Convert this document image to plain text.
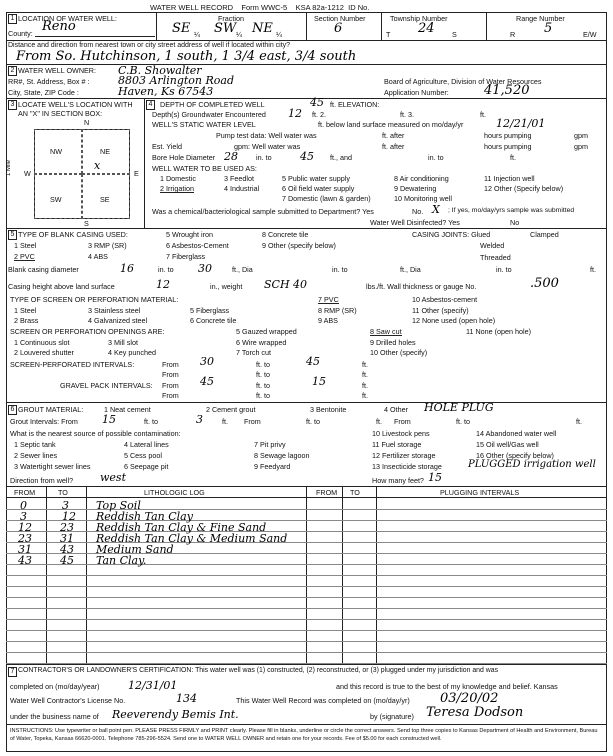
WATER WELL RECORD Form WWC-5 KSA 82a-1212 ID No.
1 LOCATION OF WATER WELL:
County: Reno
Fraction
SE ¼ SW ¼ NE ¼
Section Number
6
Township Number
T 24 S
Range Number
R 5	E/W
Distance and direction from nearest town or city street address of well if located within city?
From So. Hutchinson, 1 south, 1 3/4 east, 3/4 south
2 WATER WELL OWNER: C.B. Showalter
RR#, St. Address, Box # :	8803 Arlington Road
City, State, ZIP Code :	Haven, Ks 67543
Board of Agriculture, Division of Water Resources
Application Number:	41,520
3 LOCATE WELL'S LOCATION WITH
AN "X" IN SECTION BOX:
N
S
W	E
1 Mile
NW	NE
SW	SE
x
4	DEPTH OF COMPLETED WELL	45 ft. ELEVATION:
Depth(s) Groundwater Encountered 12 ft. 2.	ft. 3.	ft.
WELL'S STATIC WATER LEVEL	ft. below land surface measured on mo/day/yr	12/21/01
Pump test data: Well water was	ft. after	hours pumping	gpm
Est. Yield	gpm: Well water was	ft. after	hours pumping	gpm
Bore Hole Diameter 28	in. to	45 ft., and	in. to	ft.
WELL WATER TO BE USED AS:
1 Domestic
2 Irrigation
3 Feedlot
4 Industrial
5 Public water supply
6 Oil field water supply
7 Domestic (lawn & garden)
8 Air conditioning
9 Dewatering
10 Monitoring well
11 Injection well
12 Other (Specify below)
Was a chemical/bacteriological sample submitted to Department? Yes	No. X ; If yes, mo/day/yrs sample was submitted
Water Well Disinfected? Yes	No
5 TYPE OF BLANK CASING USED:
1 Steel
2 PVC
3 RMP (SR)
4 ABS
5 Wrought iron
6 Asbestos-Cement
7 Fiberglass
8 Concrete tile
9 Other (specify below)
CASING JOINTS: Glued	Clamped
Welded
Threaded
Blank casing diameter	16	in. to 30	ft., Dia	in. to	ft., Dia	in. to	ft.
Casing height above land surface	12	in., weight SCH 40	lbs./ft. Wall thickness or gauge No.	.500
TYPE OF SCREEN OR PERFORATION MATERIAL:
1 Steel
2 Brass
3 Stainless steel
4 Galvanized steel
5 Fiberglass
6 Concrete tile
7 PVC
8 RMP (SR)
9 ABS
10 Asbestos-cement
11 Other (specify)
12 None used (open hole)
SCREEN OR PERFORATION OPENINGS ARE:
1 Continuous slot
2 Louvered shutter
3 Mill slot
4 Key punched
5 Gauzed wrapped
6 Wire wrapped
7 Torch cut
8 Saw cut
9 Drilled holes
10 Other (specify)
11 None (open hole)
SCREEN-PERFORATED INTERVALS:	From 30	ft. to	45	ft.
From	ft. to	ft.
GRAVEL PACK INTERVALS: From 45	ft. to	15	ft.
From	ft. to	ft.
6 GROUT MATERIAL:	1 Neat cement	2 Cement grout	3 Bentonite	4 Other HOLE PLUG
Grout Intervals: From 15	ft. to	3	ft. From	ft. to	ft. From	ft. to	ft.
What is the nearest source of possible contamination:
1 Septic tank
2 Sewer lines
3 Watertight sewer lines
4 Lateral lines
5 Cess pool
6 Seepage pit
7 Pit privy
8 Sewage lagoon
9 Feedyard
10 Livestock pens
11 Fuel storage
12 Fertilizer storage
13 Insecticide storage
14 Abandoned water well
15 Oil well/Gas well
16 Other (specify below)
PLUGGED irrigation well
Direction from well? west	How many feet? 15
FROM	TO	LITHOLOGIC LOG	FROM TO	PLUGGING INTERVALS
0	3 Top Soil
3	12 Reddish Tan Clay
12	23 Reddish Tan Clay & Fine Sand
23	31 Reddish Tan Clay & Medium Sand
31	43 Medium Sand
43	45 Tan Clay.
7 CONTRACTOR'S OR LANDOWNER'S CERTIFICATION: This water well was (1) constructed, (2) reconstructed, or (3) plugged under my jurisdiction and was
completed on (mo/day/year)	12/31/01	and this record is true to the best of my knowledge and belief. Kansas
Water Well Contractor's License No.	134	This Water Well Record was completed on (mo/day/yr) 03/20/02
under the business name of Reeverendy Bemis Int.	by (signature) Teresa Dodson
INSTRUCTIONS: Use typewriter or ball point pen. PLEASE PRESS FIRMLY and PRINT clearly. Please fill in blanks, underline or circle the correct answers. Send top three copies to Kansas Department of Health and Environment, Bureau of Water, Topeka, Kansas 66620-0001. Telephone 785-296-5524. Send one to WATER WELL OWNER and retain one for your records. Fee of $5.00 for each constructed well.
